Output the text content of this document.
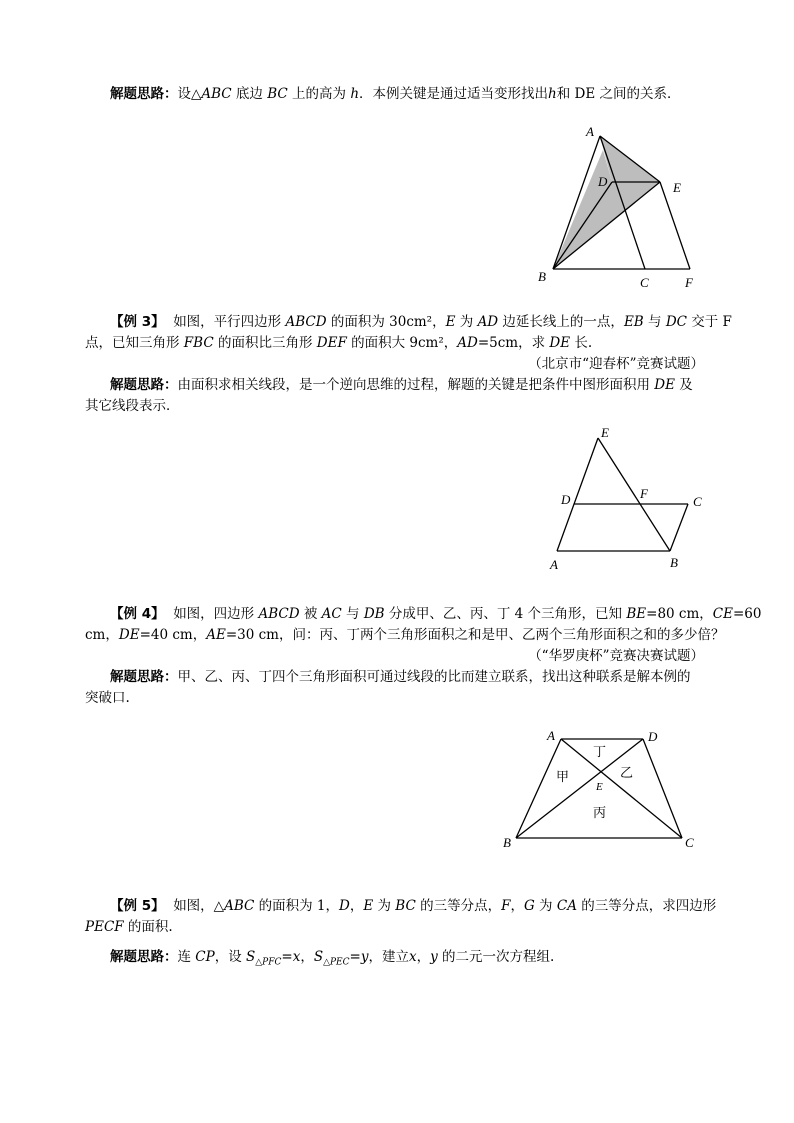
解题思路：设△ABC 底边 BC 上的高为 h．本例关键是通过适当变形找出h和 DE 之间的关系．
A
D	E
B	C	F
【例 3】 如图，平行四边形 ABCD 的面积为 30cm²，E 为 AD 边延长线上的一点，EB 与 DC 交于 F
点，已知三角形 FBC 的面积比三角形 DEF 的面积大 9cm²，AD=5cm，求 DE 长.
（北京市“迎春杯”竞赛试题）
解题思路：由面积求相关线段，是一个逆向思维的过程，解题的关键是把条件中图形面积用 DE 及
其它线段表示．
E
F
D	C
A	B
【例 4】 如图，四边形 ABCD 被 AC 与 DB 分成甲、乙、丙、丁 4 个三角形，已知 BE=80 cm，CE=60
cm，DE=40 cm，AE=30 cm，问：丙、丁两个三角形面积之和是甲、乙两个三角形面积之和的多少倍？
（“华罗庚杯”竞赛决赛试题）
解题思路：甲、乙、丙、丁四个三角形面积可通过线段的比而建立联系，找出这种联系是解本例的
突破口.
A	D
E
B	C
丁
甲	乙
丙
【例 5】 如图，△ABC 的面积为 1，D，E 为 BC 的三等分点，F，G 为 CA 的三等分点，求四边形
PECF 的面积.
解题思路：连 CP，设 $S_{\triangle PFC}=x$，$S_{\triangle PEC}=y$，建立x，y 的二元一次方程组.
